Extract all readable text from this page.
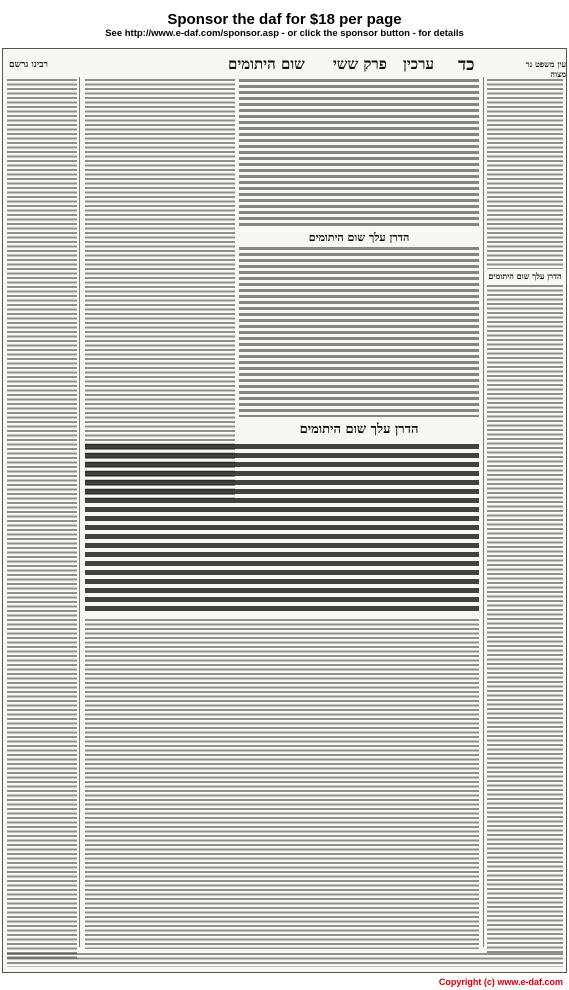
Sponsor the daf for $18 per page
See http://www.e-daf.com/sponsor.asp - or click the sponsor button - for details
רבינו גרשם	שום היתומים פרק ששי ערכין כד	עין משפט נר מצוה
הדרן עלך שום היתומים
הדרן עלך שום היתומים
הדרן עלך שום היתומים
Copyright (c) www.e-daf.com
